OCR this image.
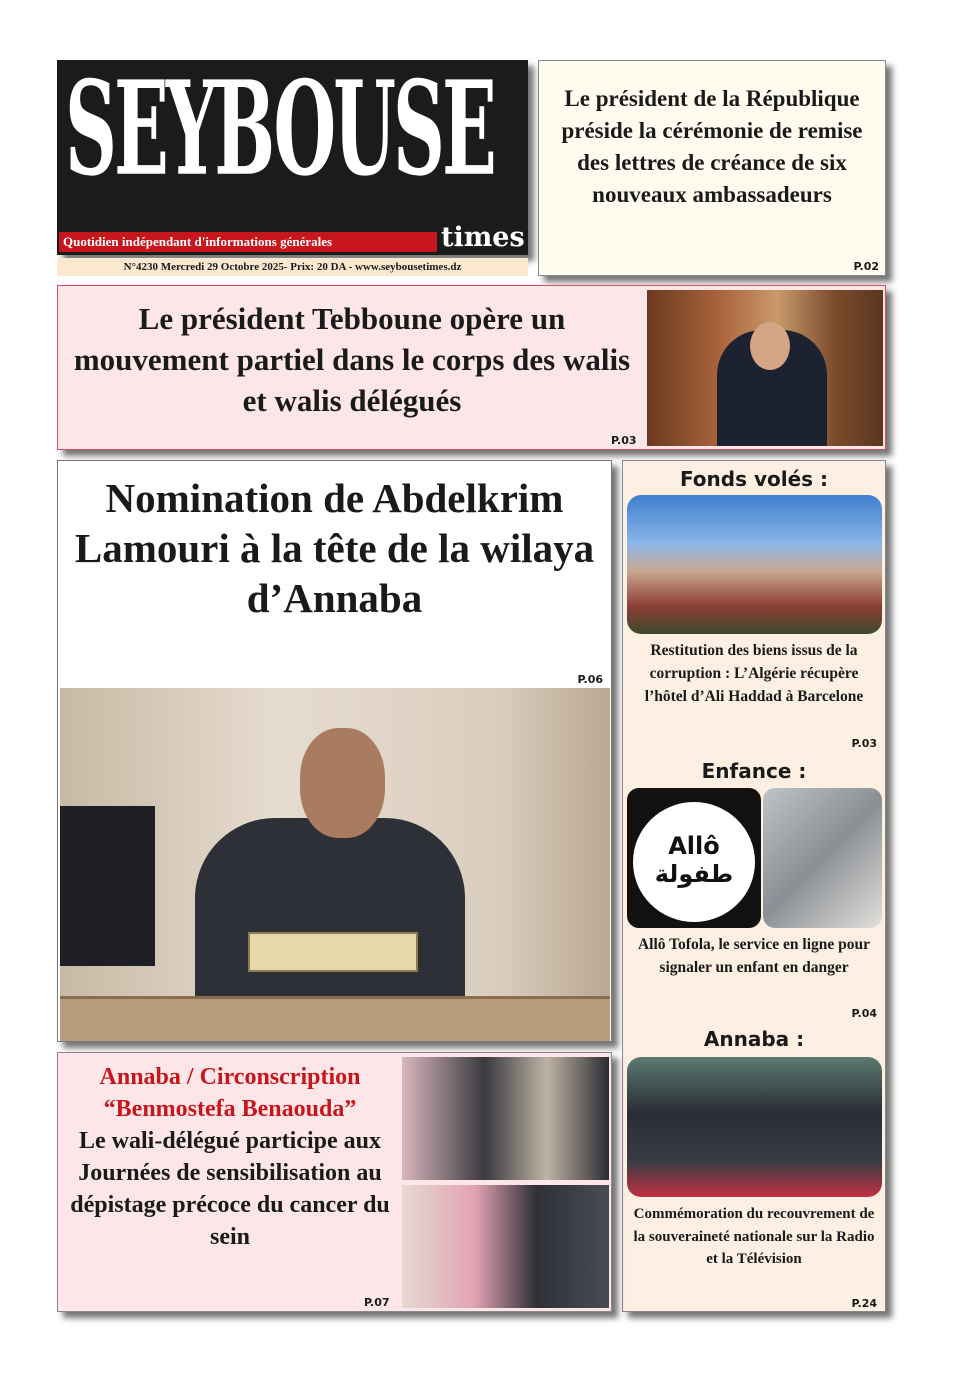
SEYBOUSE
Quotidien indépendant d'informations générales	times
N°4230 Mercredi 29 Octobre 2025- Prix: 20 DA - www.seybousetimes.dz
Le président de la République préside la cérémonie de remise des lettres de créance de six nouveaux ambassadeurs
P.02
Le président Tebboune opère un mouvement partiel dans le corps des walis et walis délégués
P.03
Nomination de Abdelkrim Lamouri à la tête de la wilaya d’Annaba
P.06
Fonds volés :
Restitution des biens issus de la corruption : L’Algérie récupère l’hôtel d’Ali Haddad à Barcelone
P.03
Enfance :
Allô طفولة
Allô Tofola, le service en ligne pour signaler un enfant en danger
P.04
Annaba :
Commémoration du recouvrement de la souveraineté nationale sur la Radio et la Télévision
P.24
Annaba / Circonscription “Benmostefa Benaouda”
Le wali-délégué participe aux Journées de sensibilisation au dépistage précoce du cancer du sein
P.07
